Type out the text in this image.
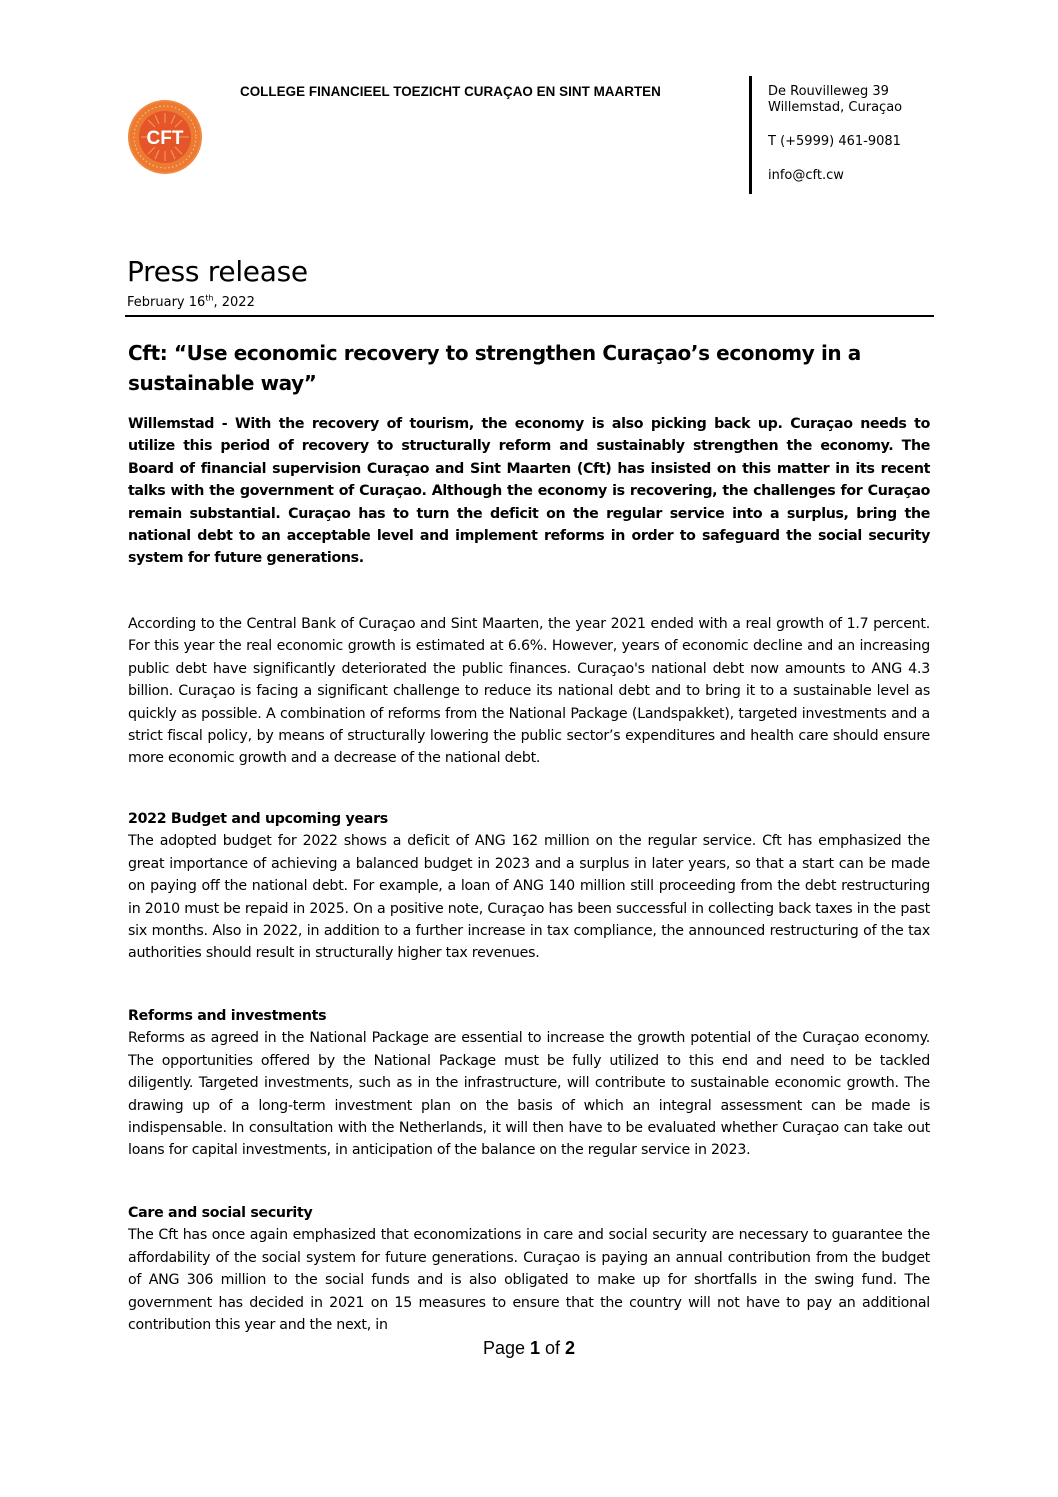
CFT
COLLEGE FINANCIEEL TOEZICHT CURAÇAO EN SINT MAARTEN	De Rouvilleweg 39
Willemstad, Curaçao
T (+5999) 461-9081
info@cft.cw
Press release
February 16th, 2022
Cft: “Use economic recovery to strengthen Curaçao’s economy in a sustainable way”

Willemstad - With the recovery of tourism, the economy is also picking back up. Curaçao needs to utilize this period of recovery to structurally reform and sustainably strengthen the economy. The Board of financial supervision Curaçao and Sint Maarten (Cft) has insisted on this matter in its recent talks with the government of Curaçao. Although the economy is recovering, the challenges for Curaçao remain substantial. Curaçao has to turn the deficit on the regular service into a surplus, bring the national debt to an acceptable level and implement reforms in order to safeguard the social security system for future generations.

According to the Central Bank of Curaçao and Sint Maarten, the year 2021 ended with a real growth of 1.7 percent. For this year the real economic growth is estimated at 6.6%. However, years of economic decline and an increasing public debt have significantly deteriorated the public finances. Curaçao's national debt now amounts to ANG 4.3 billion. Curaçao is facing a significant challenge to reduce its national debt and to bring it to a sustainable level as quickly as possible. A combination of reforms from the National Package (Landspakket), targeted investments and a strict fiscal policy, by means of structurally lowering the public sector’s expenditures and health care should ensure more economic growth and a decrease of the national debt.

2022 Budget and upcoming years

The adopted budget for 2022 shows a deficit of ANG 162 million on the regular service. Cft has emphasized the great importance of achieving a balanced budget in 2023 and a surplus in later years, so that a start can be made on paying off the national debt. For example, a loan of ANG 140 million still proceeding from the debt restructuring in 2010 must be repaid in 2025. On a positive note, Curaçao has been successful in collecting back taxes in the past six months. Also in 2022, in addition to a further increase in tax compliance, the announced restructuring of the tax authorities should result in structurally higher tax revenues.

Reforms and investments

Reforms as agreed in the National Package are essential to increase the growth potential of the Curaçao economy. The opportunities offered by the National Package must be fully utilized to this end and need to be tackled diligently. Targeted investments, such as in the infrastructure, will contribute to sustainable economic growth. The drawing up of a long-term investment plan on the basis of which an integral assessment can be made is indispensable. In consultation with the Netherlands, it will then have to be evaluated whether Curaçao can take out loans for capital investments, in anticipation of the balance on the regular service in 2023.

Care and social security

The Cft has once again emphasized that economizations in care and social security are necessary to guarantee the affordability of the social system for future generations. Curaçao is paying an annual contribution from the budget of ANG 306 million to the social funds and is also obligated to make up for shortfalls in the swing fund. The government has decided in 2021 on 15 measures to ensure that the country will not have to pay an additional contribution this year and the next, in

Page 1 of 2
